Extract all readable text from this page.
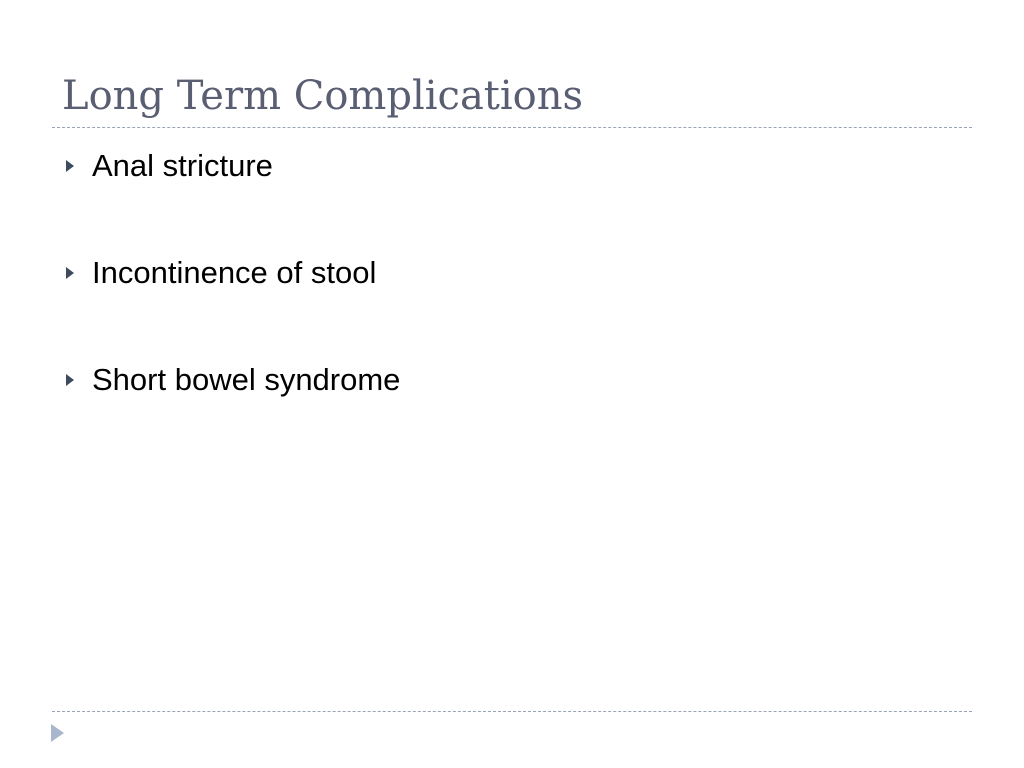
Long Term Complications
Anal stricture
Incontinence of stool
Short bowel syndrome
